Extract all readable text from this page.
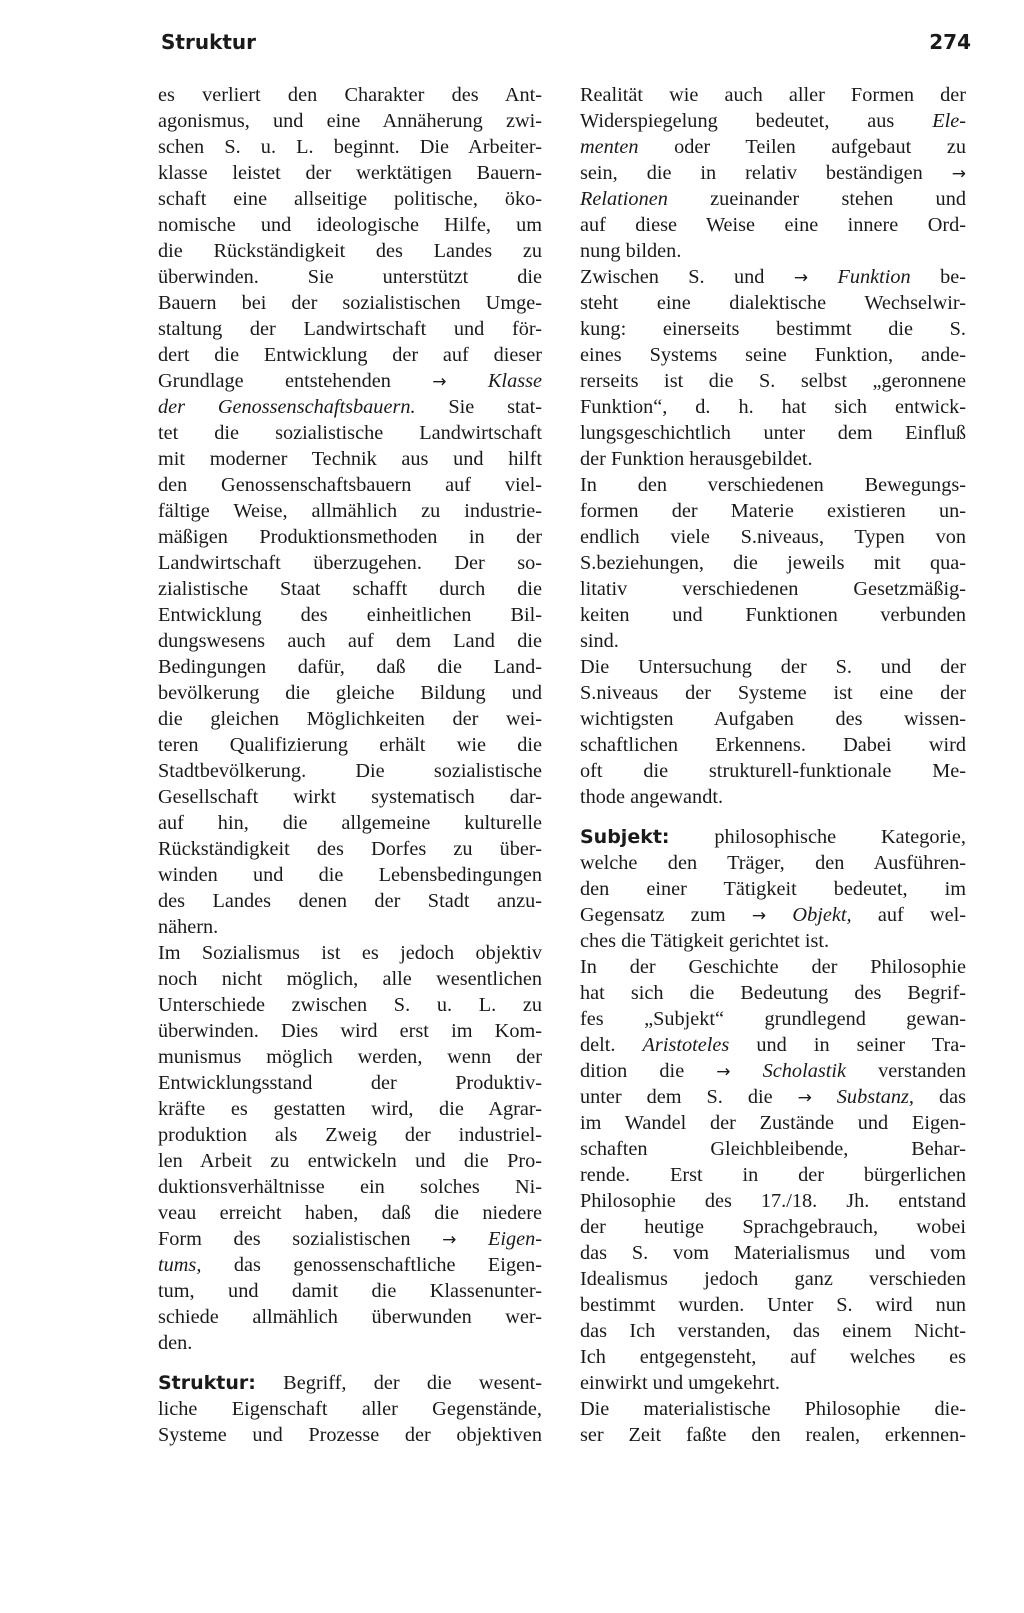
Struktur	274
es verliert den Charakter des Ant-
agonismus, und eine Annäherung zwi-
schen S. u. L. beginnt. Die Arbeiter-
klasse leistet der werktätigen Bauern-
schaft eine allseitige politische, öko-
nomische und ideologische Hilfe, um
die Rückständigkeit des Landes zu
überwinden. Sie unterstützt die
Bauern bei der sozialistischen Umge-
staltung der Landwirtschaft und för-
dert die Entwicklung der auf dieser
Grundlage entstehenden → Klasse
der Genossenschaftsbauern. Sie stat-
tet die sozialistische Landwirtschaft
mit moderner Technik aus und hilft
den Genossenschaftsbauern auf viel-
fältige Weise, allmählich zu industrie-
mäßigen Produktionsmethoden in der
Landwirtschaft überzugehen. Der so-
zialistische Staat schafft durch die
Entwicklung des einheitlichen Bil-
dungswesens auch auf dem Land die
Bedingungen dafür, daß die Land-
bevölkerung die gleiche Bildung und
die gleichen Möglichkeiten der wei-
teren Qualifizierung erhält wie die
Stadtbevölkerung. Die sozialistische
Gesellschaft wirkt systematisch dar-
auf hin, die allgemeine kulturelle
Rückständigkeit des Dorfes zu über-
winden und die Lebensbedingungen
des Landes denen der Stadt anzu-
nähern.
Im Sozialismus ist es jedoch objektiv
noch nicht möglich, alle wesentlichen
Unterschiede zwischen S. u. L. zu
überwinden. Dies wird erst im Kom-
munismus möglich werden, wenn der
Entwicklungsstand der Produktiv-
kräfte es gestatten wird, die Agrar-
produktion als Zweig der industriel-
len Arbeit zu entwickeln und die Pro-
duktionsverhältnisse ein solches Ni-
veau erreicht haben, daß die niedere
Form des sozialistischen → Eigen-
tums, das genossenschaftliche Eigen-
tum, und damit die Klassenunter-
schiede allmählich überwunden wer-
den.
Struktur: Begriff, der die wesent-
liche Eigenschaft aller Gegenstände,
Systeme und Prozesse der objektiven
Realität wie auch aller Formen der
Widerspiegelung bedeutet, aus Ele-
menten oder Teilen aufgebaut zu
sein, die in relativ beständigen →
Relationen zueinander stehen und
auf diese Weise eine innere Ord-
nung bilden.
Zwischen S. und → Funktion be-
steht eine dialektische Wechselwir-
kung: einerseits bestimmt die S.
eines Systems seine Funktion, ande-
rerseits ist die S. selbst „geronnene
Funktion“, d. h. hat sich entwick-
lungsgeschichtlich unter dem Einfluß
der Funktion herausgebildet.
In den verschiedenen Bewegungs-
formen der Materie existieren un-
endlich viele S.niveaus, Typen von
S.beziehungen, die jeweils mit qua-
litativ verschiedenen Gesetzmäßig-
keiten und Funktionen verbunden
sind.
Die Untersuchung der S. und der
S.niveaus der Systeme ist eine der
wichtigsten Aufgaben des wissen-
schaftlichen Erkennens. Dabei wird
oft die strukturell-funktionale Me-
thode angewandt.
Subjekt: philosophische Kategorie,
welche den Träger, den Ausführen-
den einer Tätigkeit bedeutet, im
Gegensatz zum → Objekt, auf wel-
ches die Tätigkeit gerichtet ist.
In der Geschichte der Philosophie
hat sich die Bedeutung des Begrif-
fes „Subjekt“ grundlegend gewan-
delt. Aristoteles und in seiner Tra-
dition die → Scholastik verstanden
unter dem S. die → Substanz, das
im Wandel der Zustände und Eigen-
schaften Gleichbleibende, Behar-
rende. Erst in der bürgerlichen
Philosophie des 17./18. Jh. entstand
der heutige Sprachgebrauch, wobei
das S. vom Materialismus und vom
Idealismus jedoch ganz verschieden
bestimmt wurden. Unter S. wird nun
das Ich verstanden, das einem Nicht-
Ich entgegensteht, auf welches es
einwirkt und umgekehrt.
Die materialistische Philosophie die-
ser Zeit faßte den realen, erkennen-
